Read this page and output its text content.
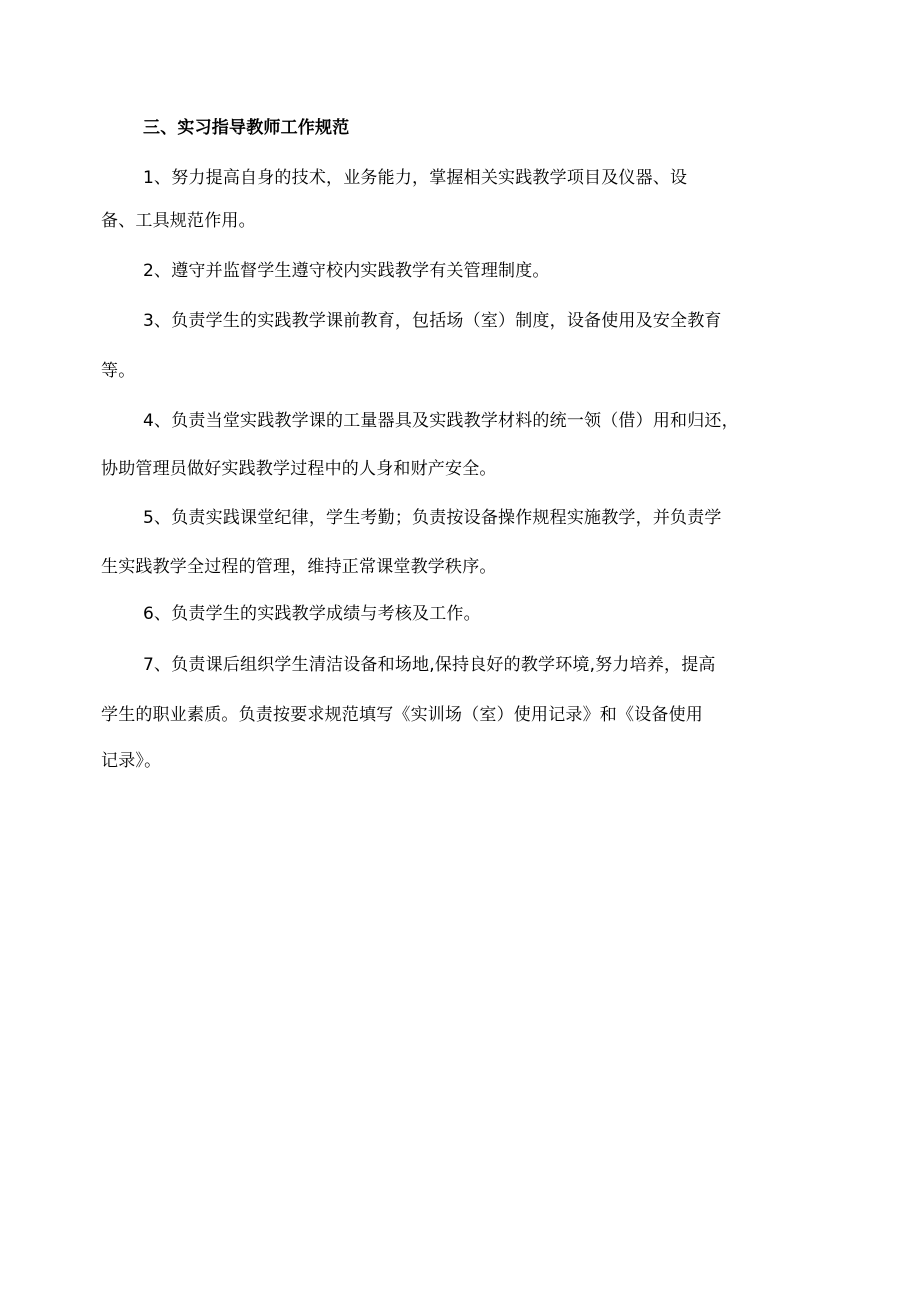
三、实习指导教师工作规范
1、努力提高自身的技术，业务能力，掌握相关实践教学项目及仪器、设
备、工具规范作用。
2、遵守并监督学生遵守校内实践教学有关管理制度。
3、负责学生的实践教学课前教育，包括场（室）制度，设备使用及安全教育
等。
4、负责当堂实践教学课的工量器具及实践教学材料的统一领（借）用和归还，
协助管理员做好实践教学过程中的人身和财产安全。
5、负责实践课堂纪律，学生考勤；负责按设备操作规程实施教学，并负责学
生实践教学全过程的管理，维持正常课堂教学秩序。
6、负责学生的实践教学成绩与考核及工作。
7、负责课后组织学生清洁设备和场地,保持良好的教学环境,努力培养，提高
学生的职业素质。负责按要求规范填写《实训场（室）使用记录》和《设备使用
记录》。
